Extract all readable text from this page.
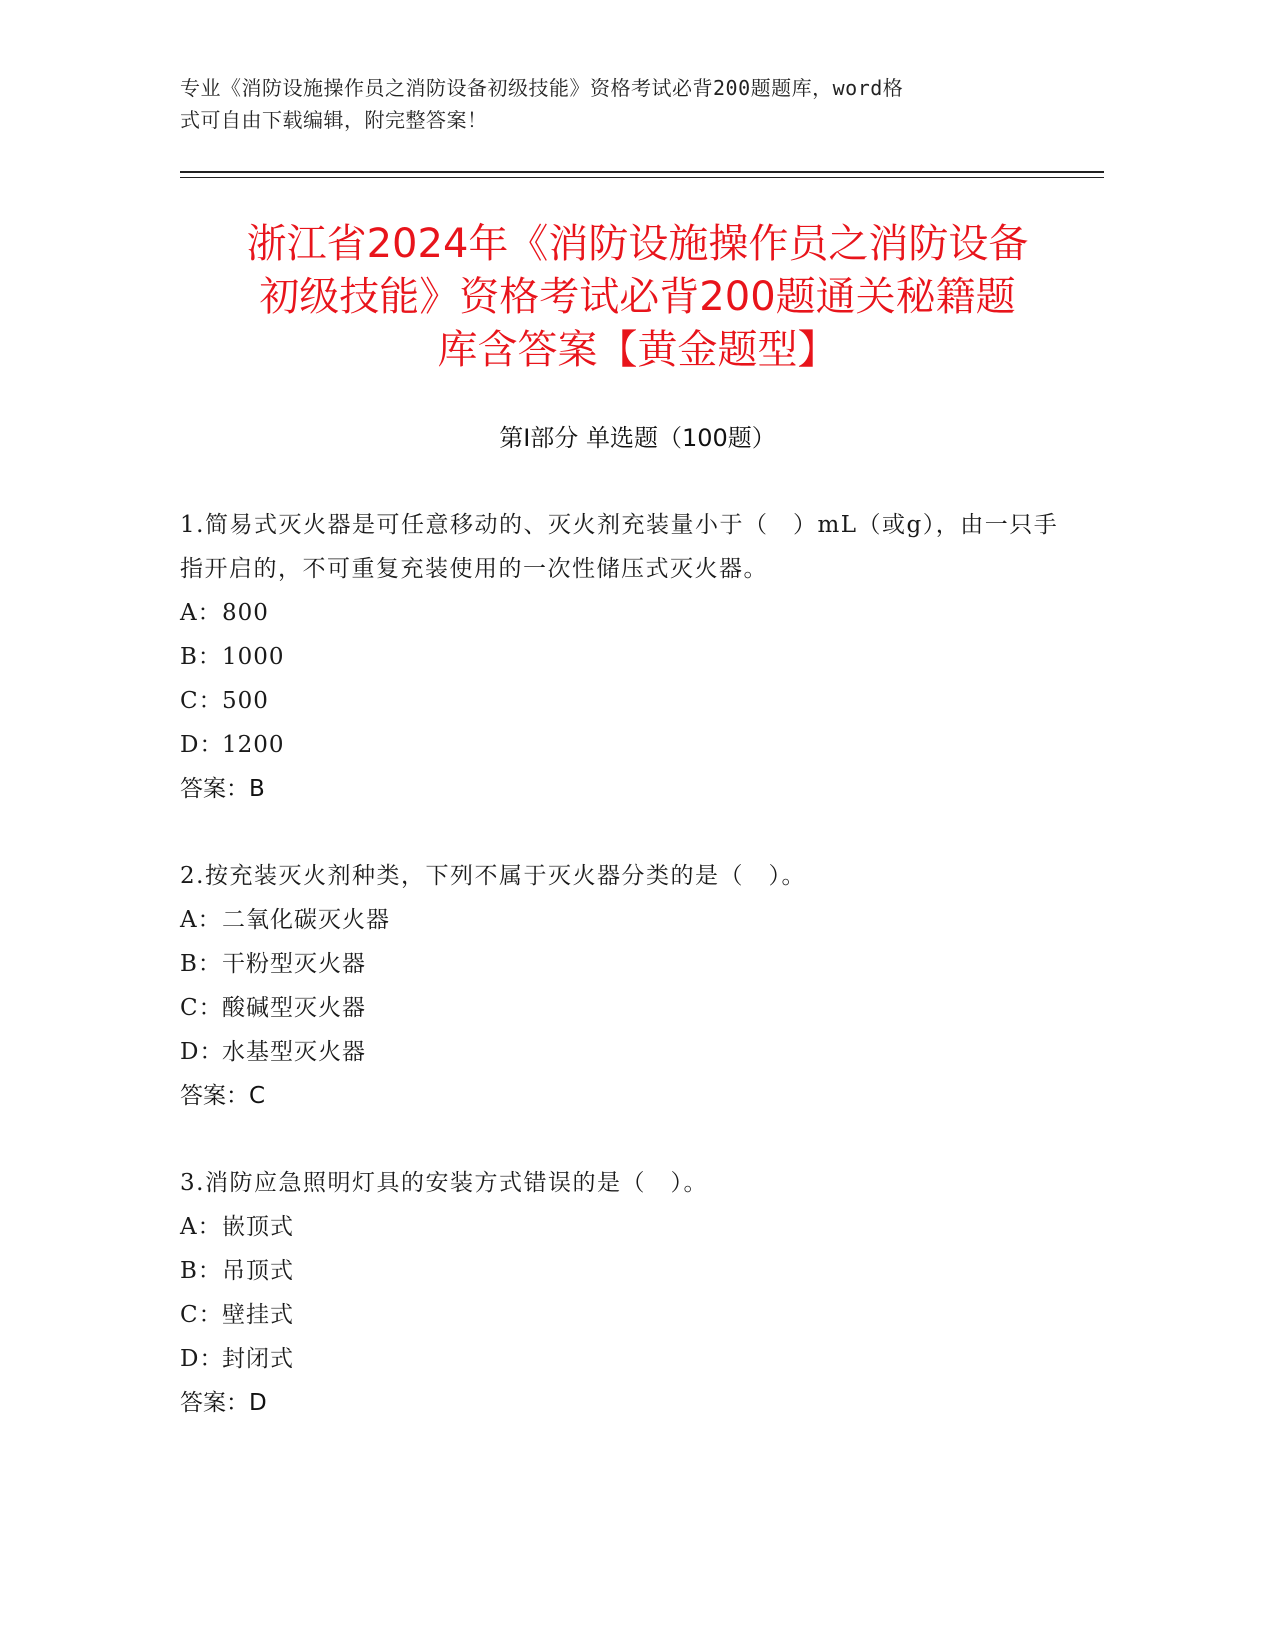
专业《消防设施操作员之消防设备初级技能》资格考试必背200题题库，word格
式可自由下载编辑，附完整答案！
浙江省2024年《消防设施操作员之消防设备
初级技能》资格考试必背200题通关秘籍题
库含答案【黄金题型】
第Ⅰ部分 单选题（100题）
1.简易式灭火器是可任意移动的、灭火剂充装量小于（　）mL（或g），由一只手指开启的，不可重复充装使用的一次性储压式灭火器。
A：800
B：1000
C：500
D：1200
答案：B
2.按充装灭火剂种类，下列不属于灭火器分类的是（　）。
A：二氧化碳灭火器
B：干粉型灭火器
C：酸碱型灭火器
D：水基型灭火器
答案：C
3.消防应急照明灯具的安装方式错误的是（　）。
A：嵌顶式
B：吊顶式
C：壁挂式
D：封闭式
答案：D
